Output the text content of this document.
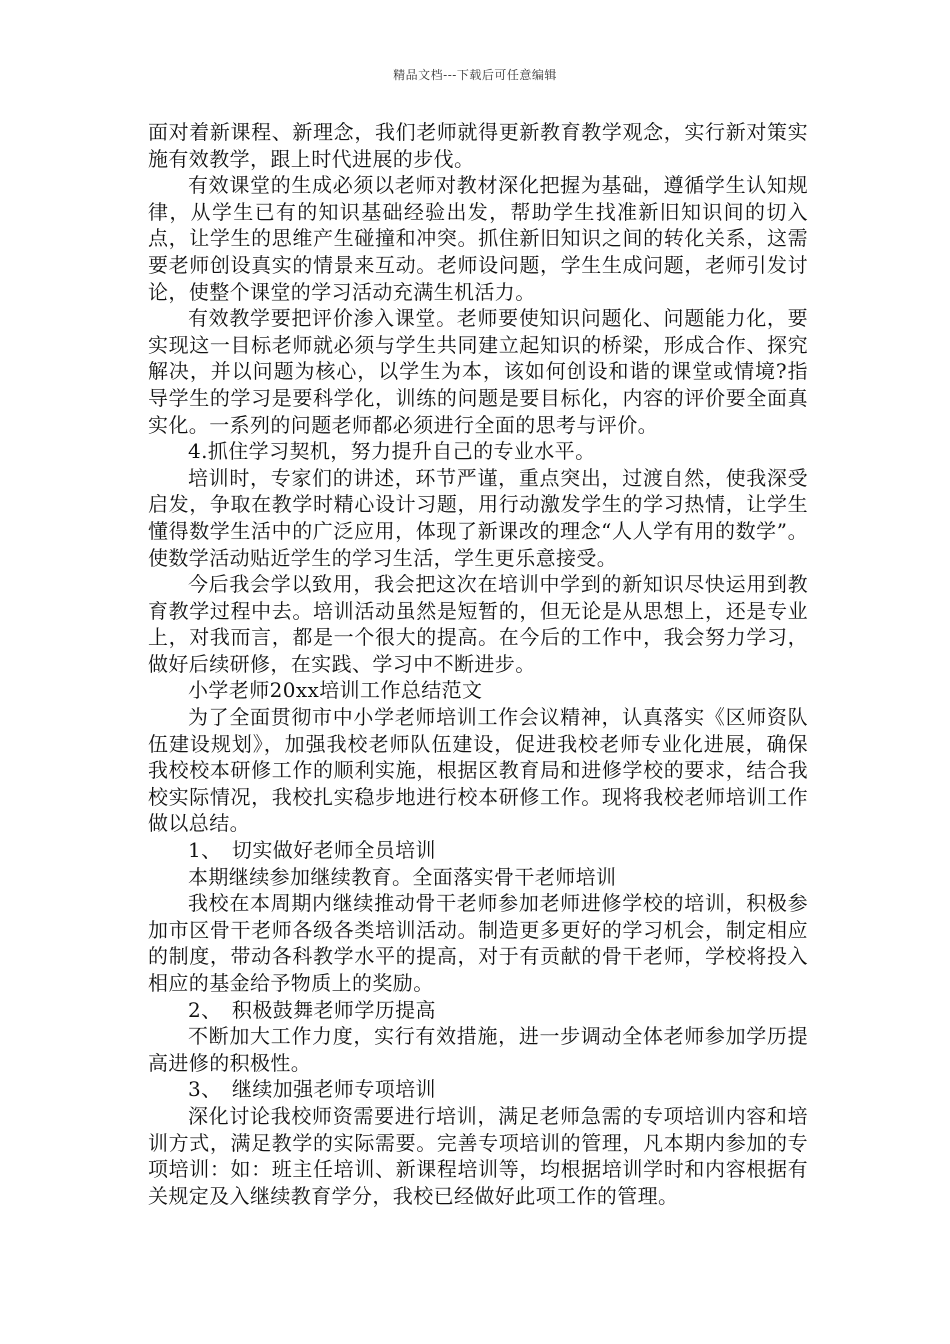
精品文档---下载后可任意编辑

面对着新课程、新理念，我们老师就得更新教育教学观念，实行新对策实施有效教学，跟上时代进展的步伐。

有效课堂的生成必须以老师对教材深化把握为基础，遵循学生认知规律，从学生已有的知识基础经验出发，帮助学生找准新旧知识间的切入点，让学生的思维产生碰撞和冲突。抓住新旧知识之间的转化关系，这需要老师创设真实的情景来互动。老师设问题，学生生成问题，老师引发讨论，使整个课堂的学习活动充满生机活力。

有效教学要把评价渗入课堂。老师要使知识问题化、问题能力化，要实现这一目标老师就必须与学生共同建立起知识的桥梁，形成合作、探究解决，并以问题为核心，以学生为本，该如何创设和谐的课堂或情境?指导学生的学习是要科学化，训练的问题是要目标化，内容的评价要全面真实化。一系列的问题老师都必须进行全面的思考与评价。

4.抓住学习契机，努力提升自己的专业水平。

培训时，专家们的讲述，环节严谨，重点突出，过渡自然，使我深受启发，争取在教学时精心设计习题，用行动激发学生的学习热情，让学生懂得数学生活中的广泛应用，体现了新课改的理念“人人学有用的数学”。使数学活动贴近学生的学习生活，学生更乐意接受。

今后我会学以致用，我会把这次在培训中学到的新知识尽快运用到教育教学过程中去。培训活动虽然是短暂的，但无论是从思想上，还是专业上，对我而言，都是一个很大的提高。在今后的工作中，我会努力学习，做好后续研修，在实践、学习中不断进步。

小学老师20xx培训工作总结范文

为了全面贯彻市中小学老师培训工作会议精神，认真落实《区师资队伍建设规划》，加强我校老师队伍建设，促进我校老师专业化进展，确保我校校本研修工作的顺利实施，根据区教育局和进修学校的要求，结合我校实际情况，我校扎实稳步地进行校本研修工作。现将我校老师培训工作做以总结。

1、　切实做好老师全员培训

本期继续参加继续教育。全面落实骨干老师培训

我校在本周期内继续推动骨干老师参加老师进修学校的培训，积极参加市区骨干老师各级各类培训活动。制造更多更好的学习机会，制定相应的制度，带动各科教学水平的提高，对于有贡献的骨干老师，学校将投入相应的基金给予物质上的奖励。

2、　积极鼓舞老师学历提高

不断加大工作力度，实行有效措施，进一步调动全体老师参加学历提高进修的积极性。

3、　继续加强老师专项培训

深化讨论我校师资需要进行培训，满足老师急需的专项培训内容和培训方式，满足教学的实际需要。完善专项培训的管理，凡本期内参加的专项培训：如：班主任培训、新课程培训等，均根据培训学时和内容根据有关规定及入继续教育学分，我校已经做好此项工作的管理。
